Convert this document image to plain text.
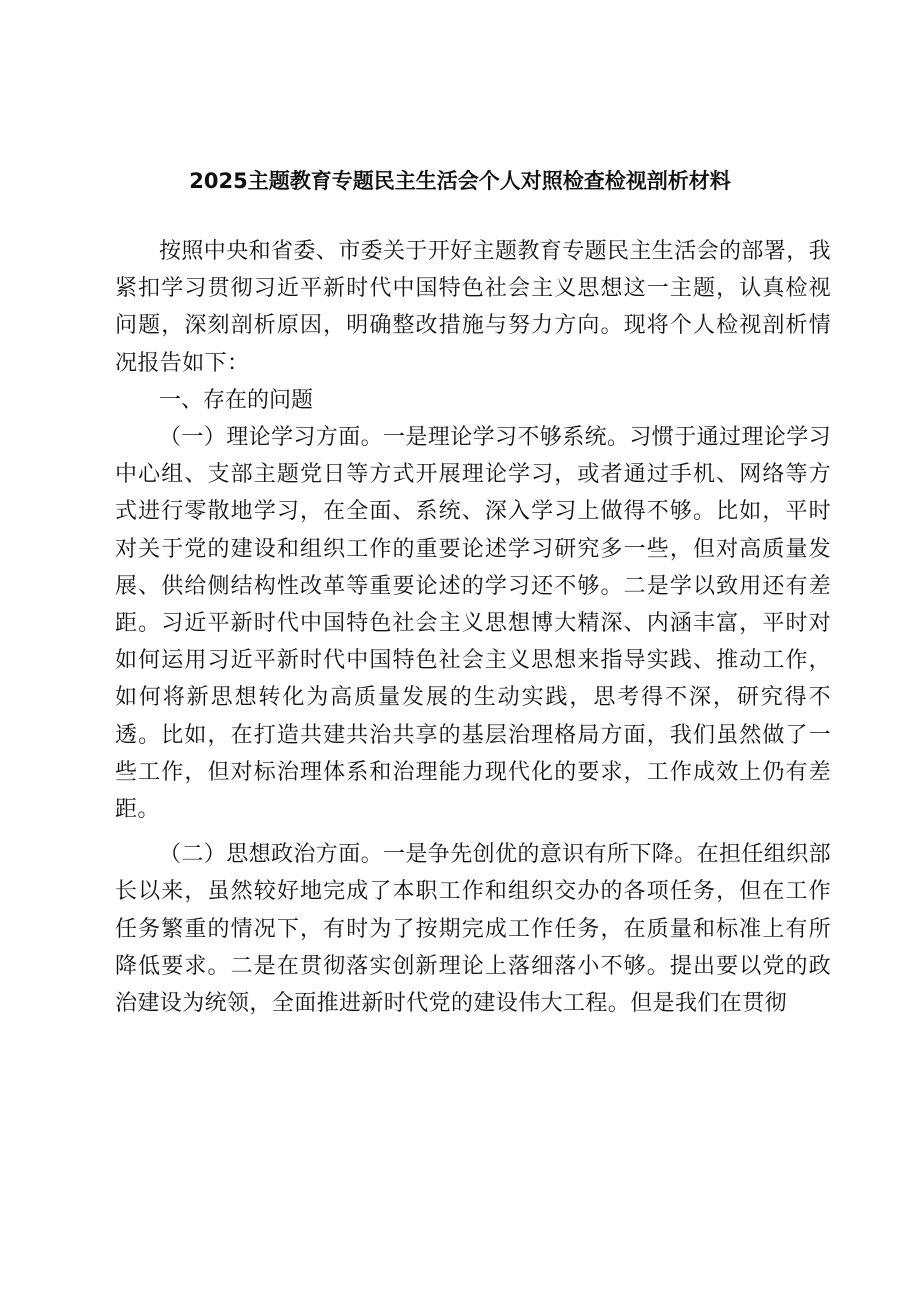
2025主题教育专题民主生活会个人对照检查检视剖析材料

按照中央和省委、市委关于开好主题教育专题民主生活会的部署，我紧扣学习贯彻习近平新时代中国特色社会主义思想这一主题，认真检视问题，深刻剖析原因，明确整改措施与努力方向。现将个人检视剖析情况报告如下：

一、存在的问题

（一）理论学习方面。一是理论学习不够系统。习惯于通过理论学习中心组、支部主题党日等方式开展理论学习，或者通过手机、网络等方式进行零散地学习，在全面、系统、深入学习上做得不够。比如，平时对关于党的建设和组织工作的重要论述学习研究多一些，但对高质量发展、供给侧结构性改革等重要论述的学习还不够。二是学以致用还有差距。习近平新时代中国特色社会主义思想博大精深、内涵丰富，平时对如何运用习近平新时代中国特色社会主义思想来指导实践、推动工作，如何将新思想转化为高质量发展的生动实践，思考得不深，研究得不透。比如，在打造共建共治共享的基层治理格局方面，我们虽然做了一些工作，但对标治理体系和治理能力现代化的要求，工作成效上仍有差距。

（二）思想政治方面。一是争先创优的意识有所下降。在担任组织部长以来，虽然较好地完成了本职工作和组织交办的各项任务，但在工作任务繁重的情况下，有时为了按期完成工作任务，在质量和标准上有所降低要求。二是在贯彻落实创新理论上落细落小不够。提出要以党的政治建设为统领，全面推进新时代党的建设伟大工程。但是我们在贯彻
